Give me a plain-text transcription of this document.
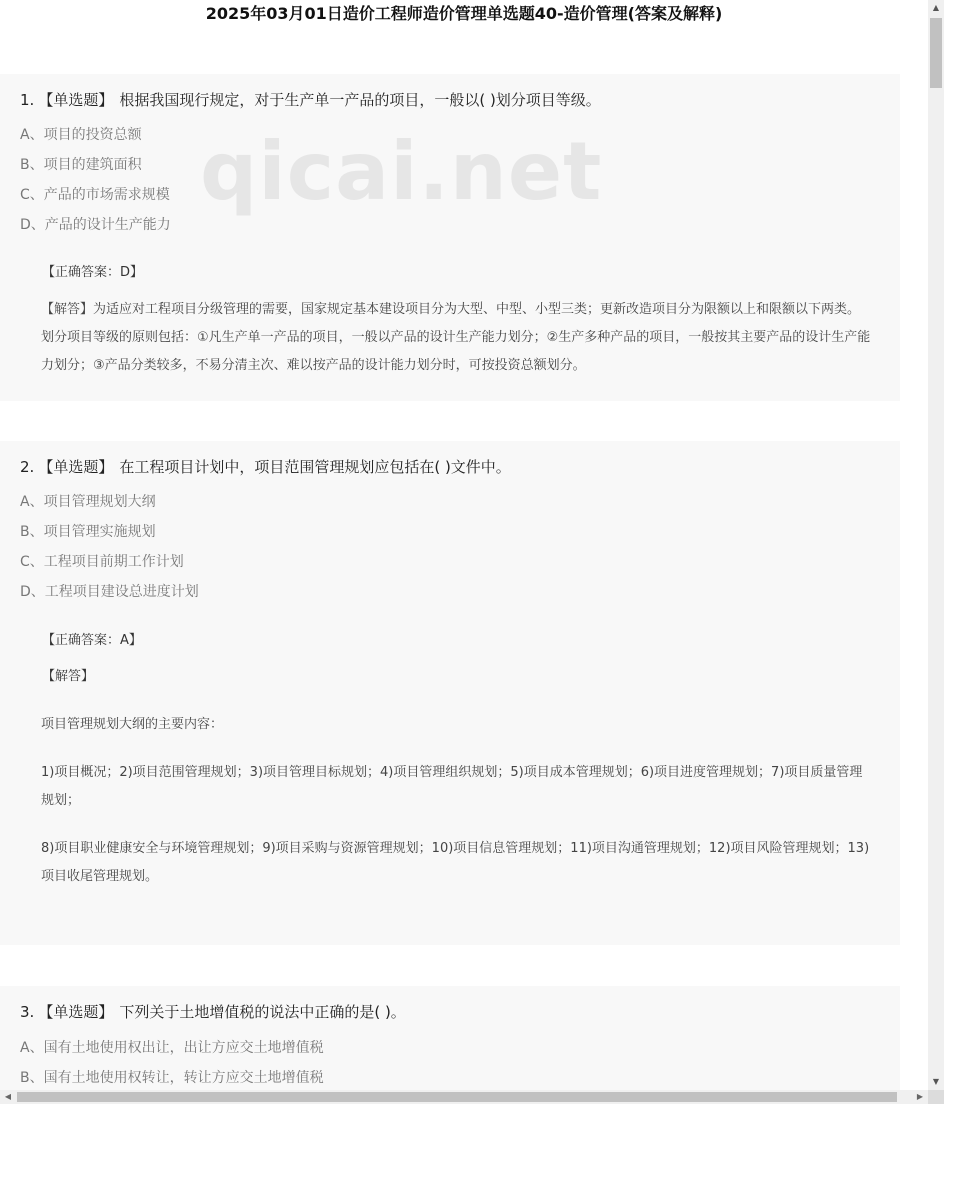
2025年03月01日造价工程师造价管理单选题40-造价管理(答案及解释)
1. 【单选题】 根据我国现行规定，对于生产单一产品的项目，一般以( )划分项目等级。
A、项目的投资总额
B、项目的建筑面积
C、产品的市场需求规模
D、产品的设计生产能力
【正确答案：D】
【解答】为适应对工程项目分级管理的需要，国家规定基本建设项目分为大型、中型、小型三类；更新改造项目分为限额以上和限额以下两类。划分项目等级的原则包括：①凡生产单一产品的项目，一般以产品的设计生产能力划分；②生产多种产品的项目，一般按其主要产品的设计生产能力划分；③产品分类较多，不易分清主次、难以按产品的设计能力划分时，可按投资总额划分。
2. 【单选题】 在工程项目计划中，项目范围管理规划应包括在( )文件中。
A、项目管理规划大纲
B、项目管理实施规划
C、工程项目前期工作计划
D、工程项目建设总进度计划
【正确答案：A】
【解答】
项目管理规划大纲的主要内容：
1)项目概况；2)项目范围管理规划；3)项目管理目标规划；4)项目管理组织规划；5)项目成本管理规划；6)项目进度管理规划；7)项目质量管理规划；
8)项目职业健康安全与环境管理规划；9)项目采购与资源管理规划；10)项目信息管理规划；11)项目沟通管理规划；12)项目风险管理规划；13)项目收尾管理规划。
3. 【单选题】 下列关于土地增值税的说法中正确的是( )。
A、国有土地使用权出让，出让方应交土地增值税
B、国有土地使用权转让，转让方应交土地增值税
▲
▼
◀	▶
